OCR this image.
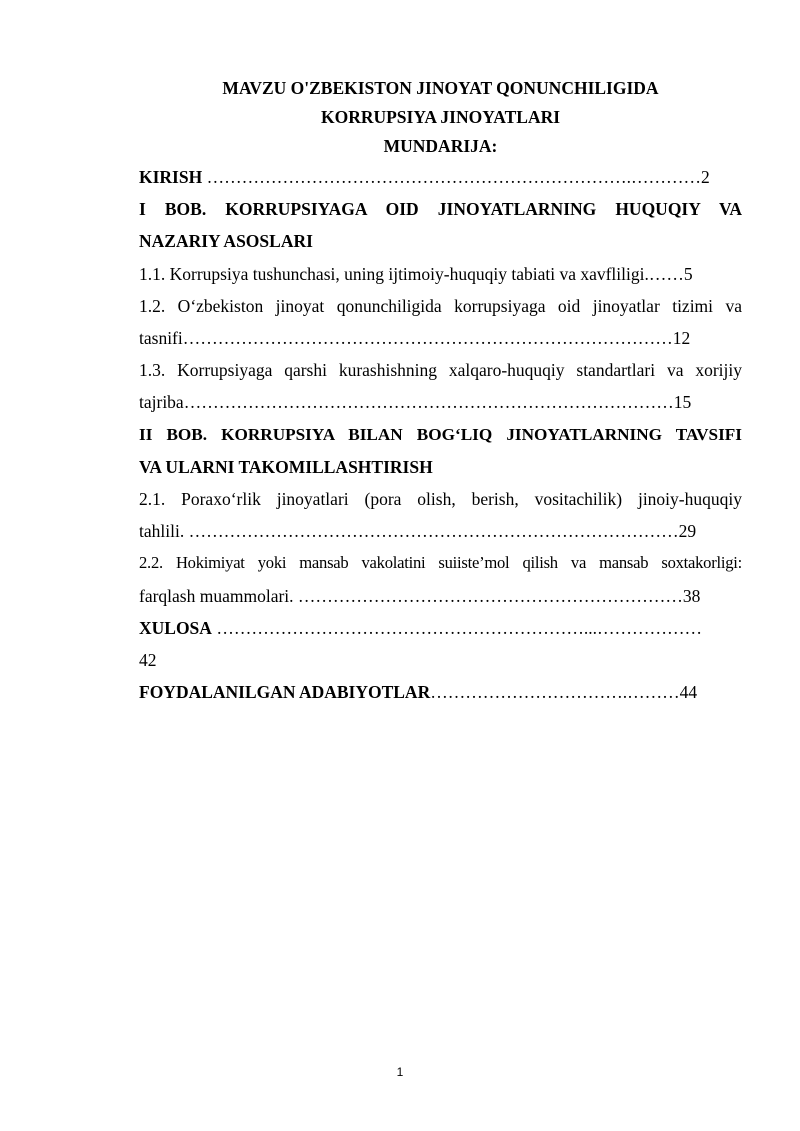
MAVZU O'ZBEKISTON JINOYAT QONUNCHILIGIDA

KORRUPSIYA JINOYATLARI

MUNDARIJA:

KIRISH ……………………………………………………………….…………2

I BOB. KORRUPSIYAGA OID JINOYATLARNING HUQUQIY VA

NAZARIY ASOSLARI

1.1. Korrupsiya tushunchasi, uning ijtimoiy-huquqiy tabiati va xavfliligi.……5

1.2. O‘zbekiston jinoyat qonunchiligida korrupsiyaga oid jinoyatlar tizimi va

tasnifi…………………………………………………………………………12

1.3. Korrupsiyaga qarshi kurashishning xalqaro-huquqiy standartlari va xorijiy

tajriba…………………………………………………………………………15

II BOB. KORRUPSIYA BILAN BOG‘LIQ JINOYATLARNING TAVSIFI

VA ULARNI TAKOMILLASHTIRISH

2.1. Poraxo‘rlik jinoyatlari (pora olish, berish, vositachilik) jinoiy-huquqiy

tahlili. …………………………………………………………………………29

2.2. Hokimiyat yoki mansab vakolatini suiiste’mol qilish va mansab soxtakorligi:

farqlash muammolari. …………………………………………………………38

XULOSA ………………………………………………………...………………

42

FOYDALANILGAN ADABIYOTLAR…………………………….………44

1
